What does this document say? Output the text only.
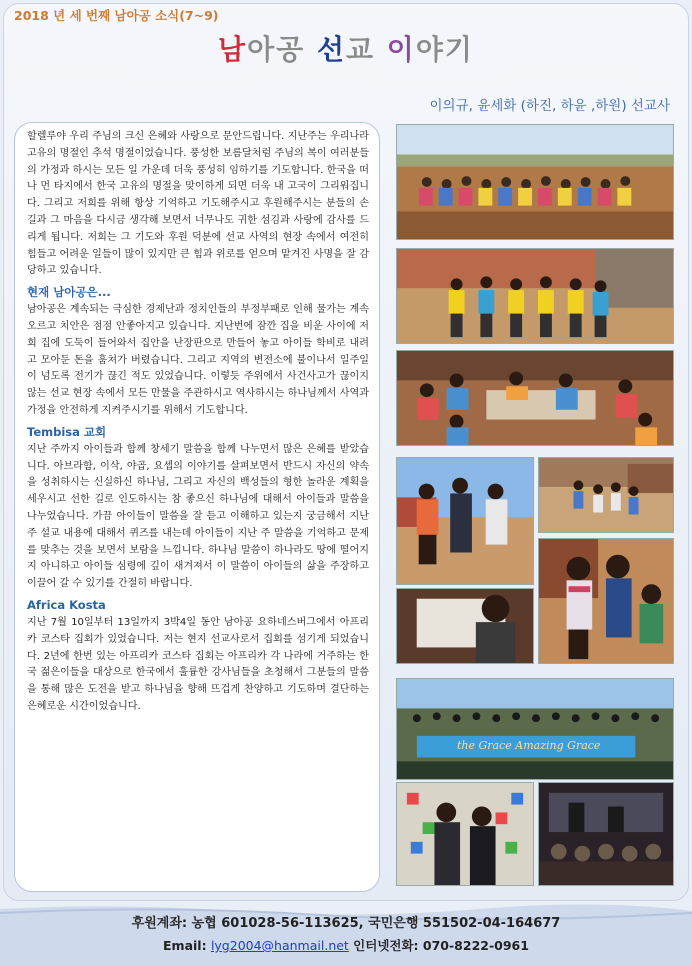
2018 년 세 번째 남아공 소식(7~9)
남아공 선교 이야기
이의규, 윤세화 (하진, 하윤 ,하원) 선교사

할렐루야 우리 주님의 크신 은혜와 사랑으로 문안드립니다. 지난주는 우리나라 고유의 명절인 추석 명절이었습니다. 풍성한 보름달처럼 주님의 복이 여러분들의 가정과 하시는 모든 일 가운데 더욱 풍성히 임하기를 기도합니다. 한국을 떠나 먼 타지에서 한국 고유의 명절을 맞이하게 되면 더욱 내 고국이 그리워집니다. 그리고 저희를 위해 항상 기억하고 기도해주시고 후원해주시는 분들의 손길과 그 마음을 다시금 생각해 보면서 너무나도 귀한 섬김과 사랑에 감사를 드리게 됩니다. 저희는 그 기도와 후원 덕분에 선교 사역의 현장 속에서 여전히 힘들고 어려운 일들이 많이 있지만 큰 힘과 위로를 얻으며 맡겨진 사명을 잘 감당하고 있습니다.

현재 남아공은...

남아공은 계속되는 극심한 경제난과 정치인들의 부정부패로 인해 물가는 계속 오르고 치안은 점점 안좋아지고 있습니다. 지난번에 잠깐 집을 비운 사이에 저희 집에 도둑이 들어와서 집안을 난장판으로 만들어 놓고 아이들 학비로 내려고 모아둔 돈을 훔쳐가 버렸습니다. 그리고 지역의 변전소에 불이나서 일주일이 넘도록 전기가 끊긴 적도 있었습니다. 이렇듯 주위에서 사건사고가 끊이지 않는 선교 현장 속에서 모든 만물을 주관하시고 역사하시는 하나님께서 사역과 가정을 안전하게 지켜주시기를 위해서 기도합니다.

Tembisa 교회

지난 주까지 아이들과 함께 창세기 말씀을 함께 나누면서 많은 은혜를 받았습니다. 아브라함, 이삭, 야곱, 요셉의 이야기를 살펴보면서 반드시 자신의 약속을 성취하시는 신실하신 하나님, 그리고 자신의 백성들의 형한 놀라운 계획을 세우시고 선한 길로 인도하시는 참 좋으신 하나님에 대해서 아이들과 말씀을 나누었습니다. 가끔 아이들이 말씀을 잘 듣고 이해하고 있는지 궁금해서 지난 주 설교 내용에 대해서 퀴즈를 내는데 아이들이 지난 주 말씀을 기억하고 문제를 맞추는 것을 보면서 보람을 느낍니다. 하나님 말씀이 하나라도 땅에 떨어지지 아니하고 아이들 심령에 깊이 새겨져서 이 말씀이 아이들의 삶을 주장하고 이끌어 갈 수 있기를 간절히 바랍니다.

Africa Kosta

지난 7월 10일부터 13일까지 3박4일 동안 남아공 요하네스버그에서 아프리카 코스타 집회가 있었습니다. 저는 현지 선교사로서 집회를 섬기게 되었습니다. 2년에 한번 있는 아프리카 코스타 집회는 아프리카 각 나라에 거주하는 한국 젊은이들을 대상으로 한국에서 훌륭한 강사님들을 초청해서 그분들의 말씀을 통해 많은 도전을 받고 하나님을 향해 뜨겁게 찬양하고 기도하며 결단하는 은혜로운 시간이었습니다.

the Grace Amazing Grace
후원계좌: 농협 601028-56-113625, 국민은행 551502-04-164677
Email: lyg2004@hanmail.net 인터넷전화: 070-8222-0961
